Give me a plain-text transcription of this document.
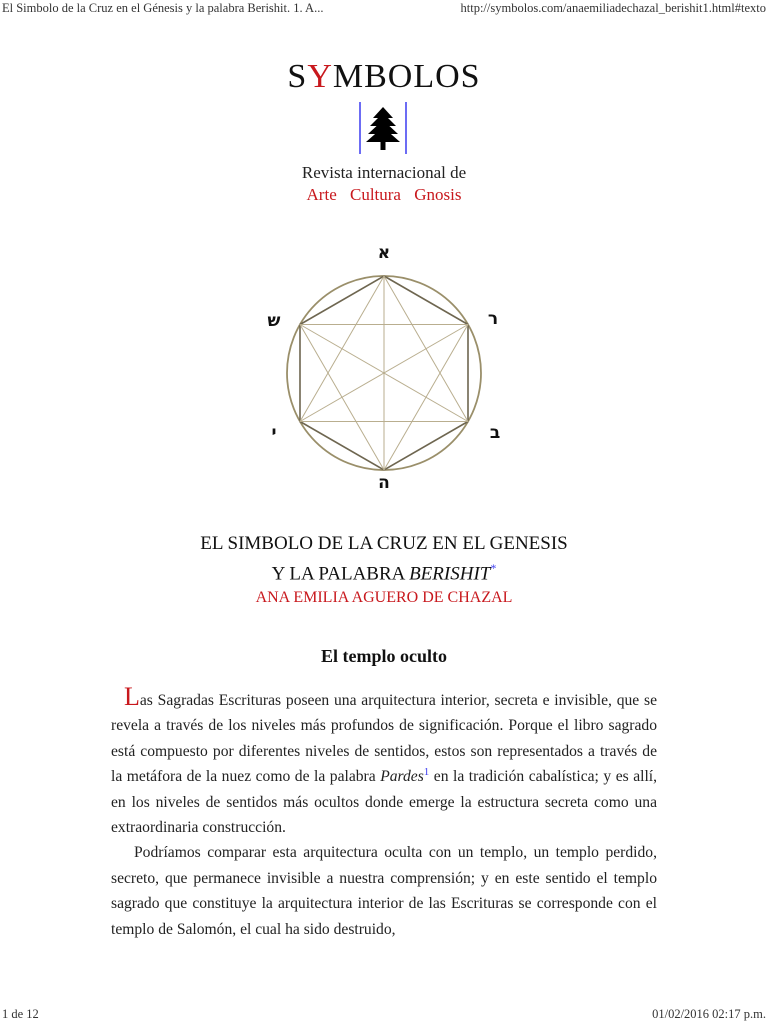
El Simbolo de la Cruz en el Génesis y la palabra Berishit. 1. A...	http://symbolos.com/anaemiliadechazal_berishit1.html#texto
SYMBOLOS
Revista internacional de
Arte Cultura Gnosis
א
ר
ב
ה
י
ש
EL SIMBOLO DE LA CRUZ EN EL GENESIS
Y LA PALABRA BERISHIT*
ANA EMILIA AGUERO DE CHAZAL
El templo oculto

Las Sagradas Escrituras poseen una arquitectura interior, secreta e invisible, que se revela a través de los niveles más profundos de significación. Porque el libro sagrado está compuesto por diferentes niveles de sentidos, estos son representados a través de la metáfora de la nuez como de la palabra Pardes$^1$ en la tradición cabalística; y es allí, en los niveles de sentidos más ocultos donde emerge la estructura secreta como una extraordinaria construcción.

Podríamos comparar esta arquitectura oculta con un templo, un templo perdido, secreto, que permanece invisible a nuestra comprensión; y en este sentido el templo sagrado que constituye la arquitectura interior de las Escrituras se corresponde con el templo de Salomón, el cual ha sido destruido,

1 de 12	01/02/2016 02:17 p.m.
